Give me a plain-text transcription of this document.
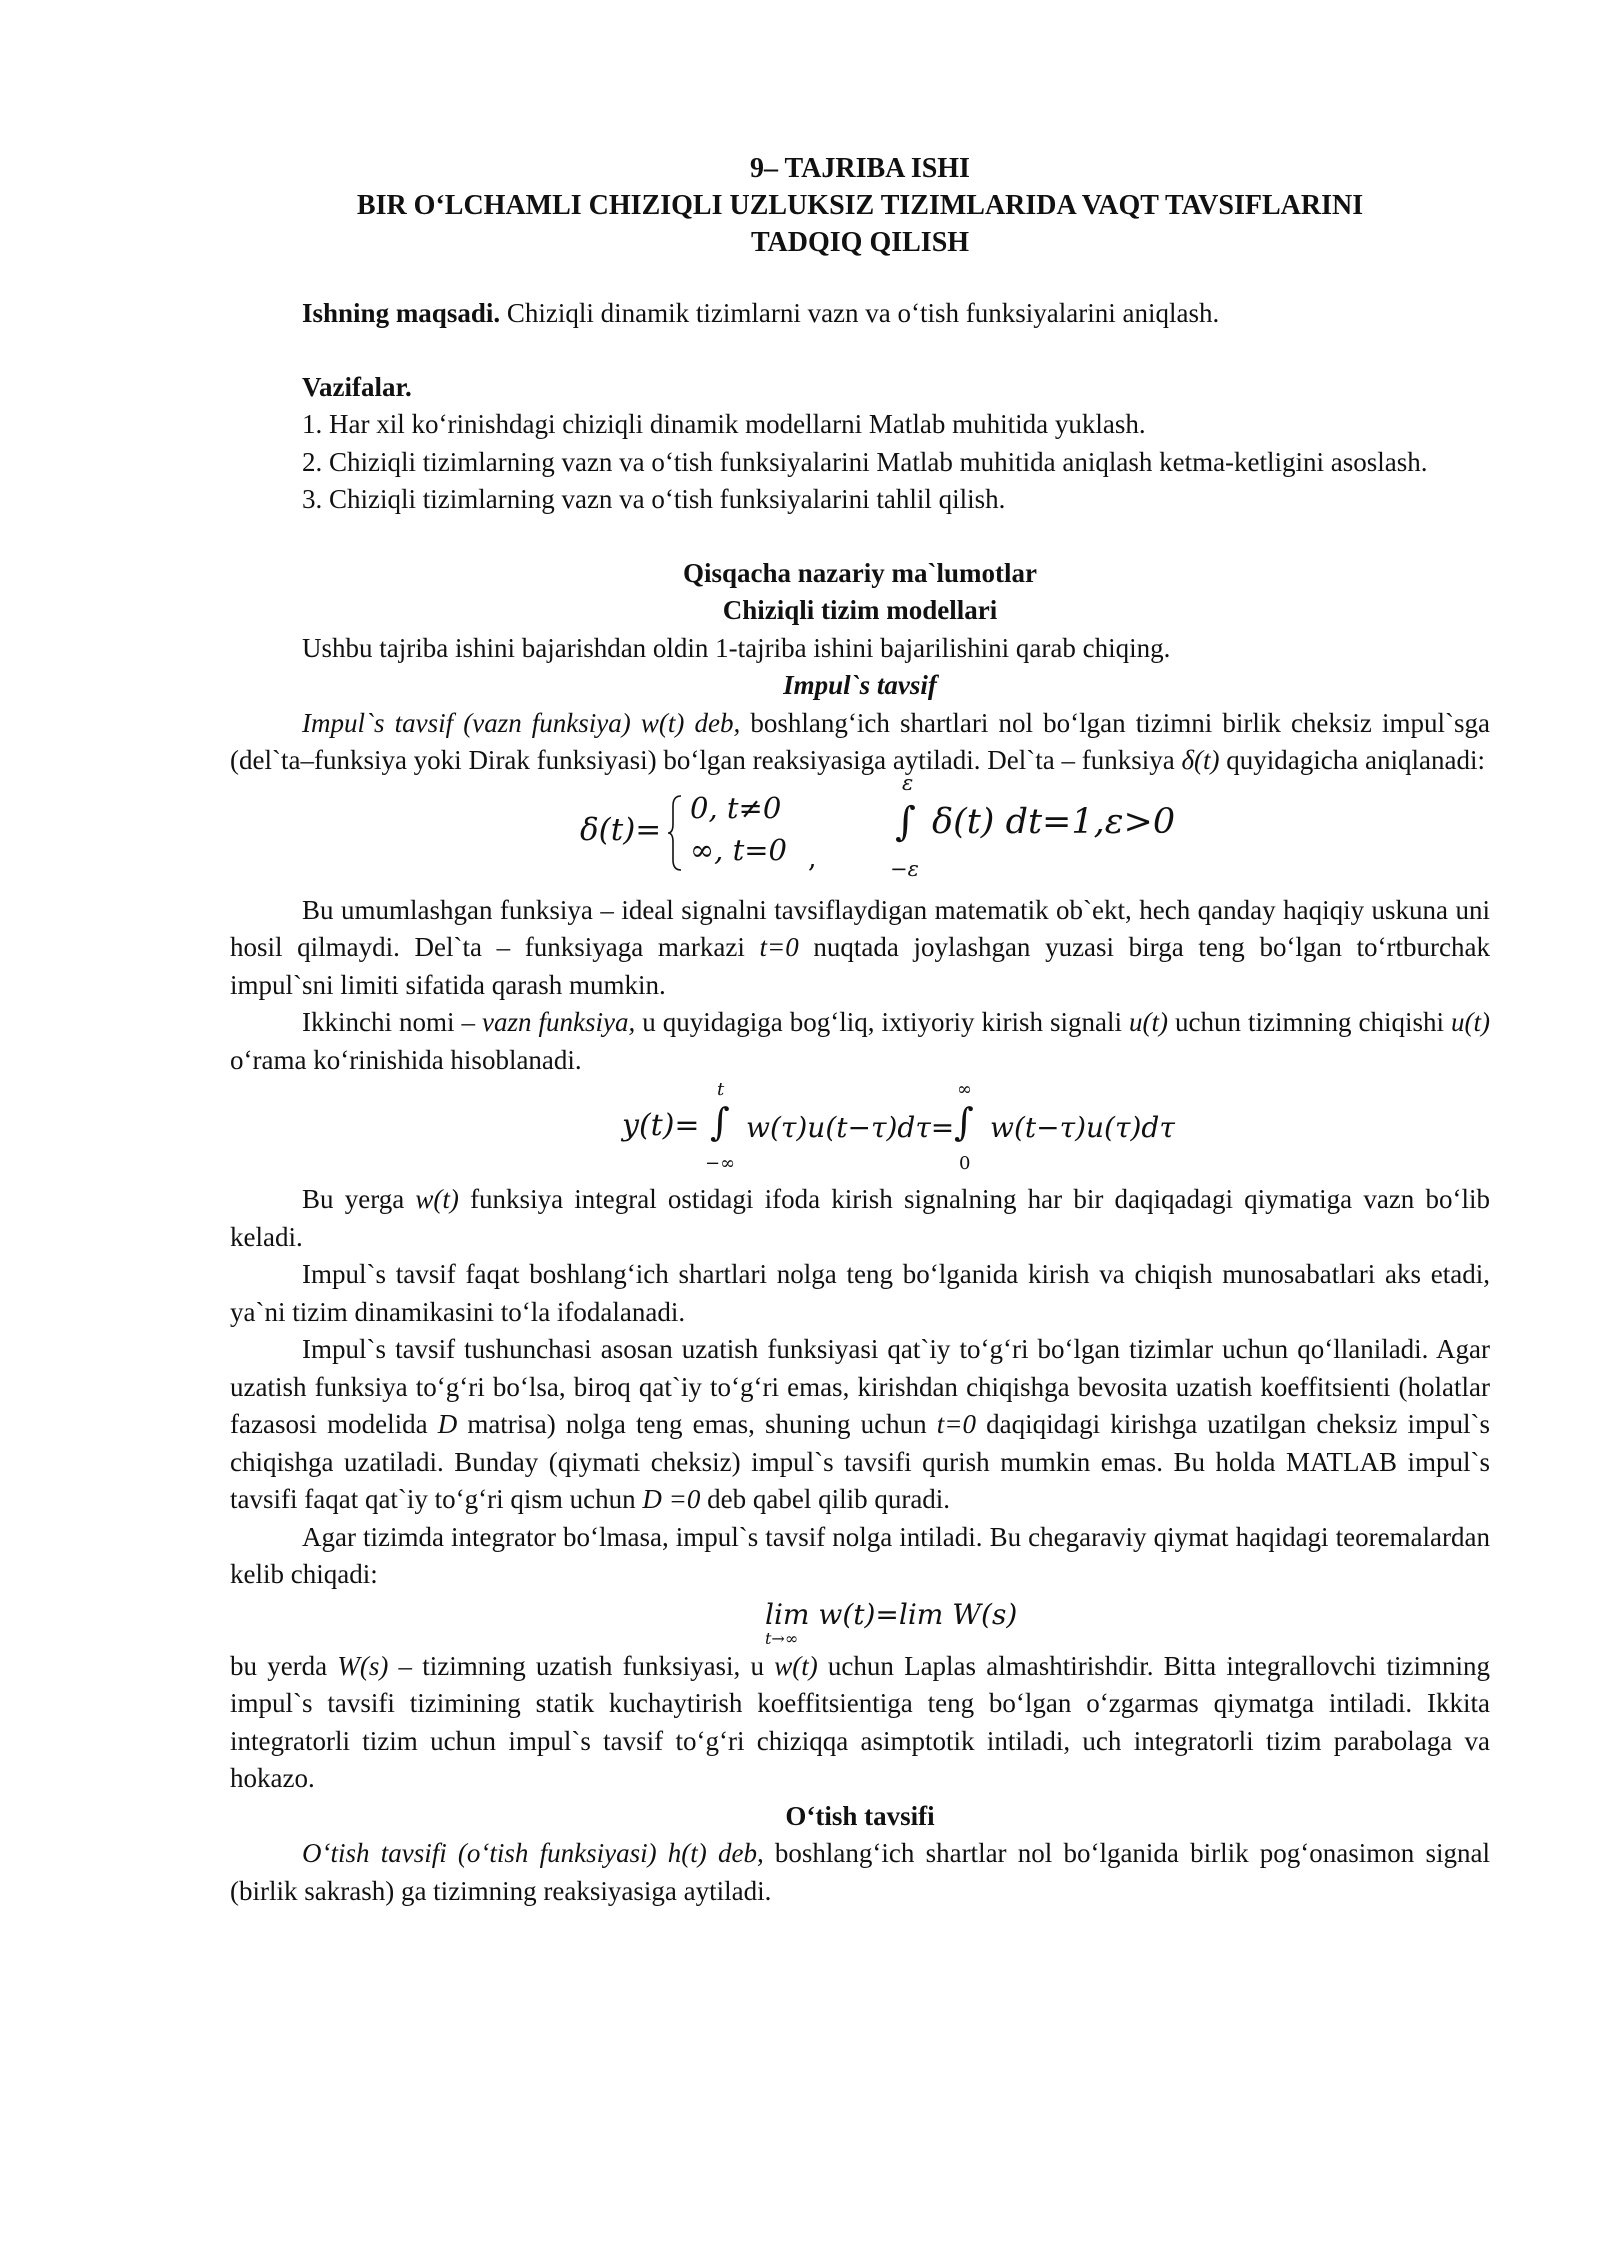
9– TAJRIBA ISHI
BIR O‘LCHAMLI CHIZIQLI UZLUKSIZ TIZIMLARIDA VAQT TAVSIFLARINI
TADQIQ QILISH

Ishning maqsadi. Chiziqli dinamik tizimlarni vazn va o‘tish funksiyalarini aniqlash.

Vazifalar.

1. Har xil ko‘rinishdagi chiziqli dinamik modellarni Matlab muhitida yuklash.

2. Chiziqli tizimlarning vazn va o‘tish funksiyalarini Matlab muhitida aniqlash ketma-ketligini asoslash.

3. Chiziqli tizimlarning vazn va o‘tish funksiyalarini tahlil qilish.

Qisqacha nazariy ma`lumotlar

Chiziqli tizim modellari

Ushbu tajriba ishini bajarishdan oldin 1-tajriba ishini bajarilishini qarab chiqing.

Impul`s tavsif

Impul`s tavsif (vazn funksiya) w(t) deb, boshlang‘ich shartlari nol bo‘lgan tizimni birlik cheksiz impul`sga (del`ta–funksiya yoki Dirak funksiyasi) bo‘lgan reaksiyasiga aytiladi. Del`ta – funksiya δ(t) quyidagicha aniqlanadi:

δ(t)=
0, t≠0
∞, t=0 ,
ε
∫
−ε
δ(t) dt=1,ε>0

Bu umumlashgan funksiya – ideal signalni tavsiflaydigan matematik ob`ekt, hech qanday haqiqiy uskuna uni hosil qilmaydi. Del`ta – funksiyaga markazi t=0 nuqtada joylashgan yuzasi birga teng bo‘lgan to‘rtburchak impul`sni limiti sifatida qarash mumkin.

Ikkinchi nomi – vazn funksiya, u quyidagiga bog‘liq, ixtiyoriy kirish signali u(t) uchun tizimning chiqishi u(t) o‘rama ko‘rinishida hisoblanadi.

t
y(t)= ∫
−∞
w(τ)u(t−τ)dτ=
∞
∫
0
w(t−τ)u(τ)dτ

Bu yerga w(t) funksiya integral ostidagi ifoda kirish signalning har bir daqiqadagi qiymatiga vazn bo‘lib keladi.

Impul`s tavsif faqat boshlang‘ich shartlari nolga teng bo‘lganida kirish va chiqish munosabatlari aks etadi, ya`ni tizim dinamikasini to‘la ifodalanadi.

Impul`s tavsif tushunchasi asosan uzatish funksiyasi qat`iy to‘g‘ri bo‘lgan tizimlar uchun qo‘llaniladi. Agar uzatish funksiya to‘g‘ri bo‘lsa, biroq qat`iy to‘g‘ri emas, kirishdan chiqishga bevosita uzatish koeffitsienti (holatlar fazasosi modelida D matrisa) nolga teng emas, shuning uchun t=0 daqiqidagi kirishga uzatilgan cheksiz impul`s chiqishga uzatiladi. Bunday (qiymati cheksiz) impul`s tavsifi qurish mumkin emas. Bu holda MATLAB impul`s tavsifi faqat qat`iy to‘g‘ri qism uchun D =0 deb qabel qilib quradi.

Agar tizimda integrator bo‘lmasa, impul`s tavsif nolga intiladi. Bu chegaraviy qiymat haqidagi teoremalardan kelib chiqadi:

lim w(t)=lim W(s)
t→∞

bu yerda W(s) – tizimning uzatish funksiyasi, u w(t) uchun Laplas almashtirishdir. Bitta integrallovchi tizimning impul`s tavsifi tizimining statik kuchaytirish koeffitsientiga teng bo‘lgan o‘zgarmas qiymatga intiladi. Ikkita integratorli tizim uchun impul`s tavsif to‘g‘ri chiziqqa asimptotik intiladi, uch integratorli tizim parabolaga va hokazo.

O‘tish tavsifi

O‘tish tavsifi (o‘tish funksiyasi) h(t) deb, boshlang‘ich shartlar nol bo‘lganida birlik pog‘onasimon signal (birlik sakrash) ga tizimning reaksiyasiga aytiladi.
